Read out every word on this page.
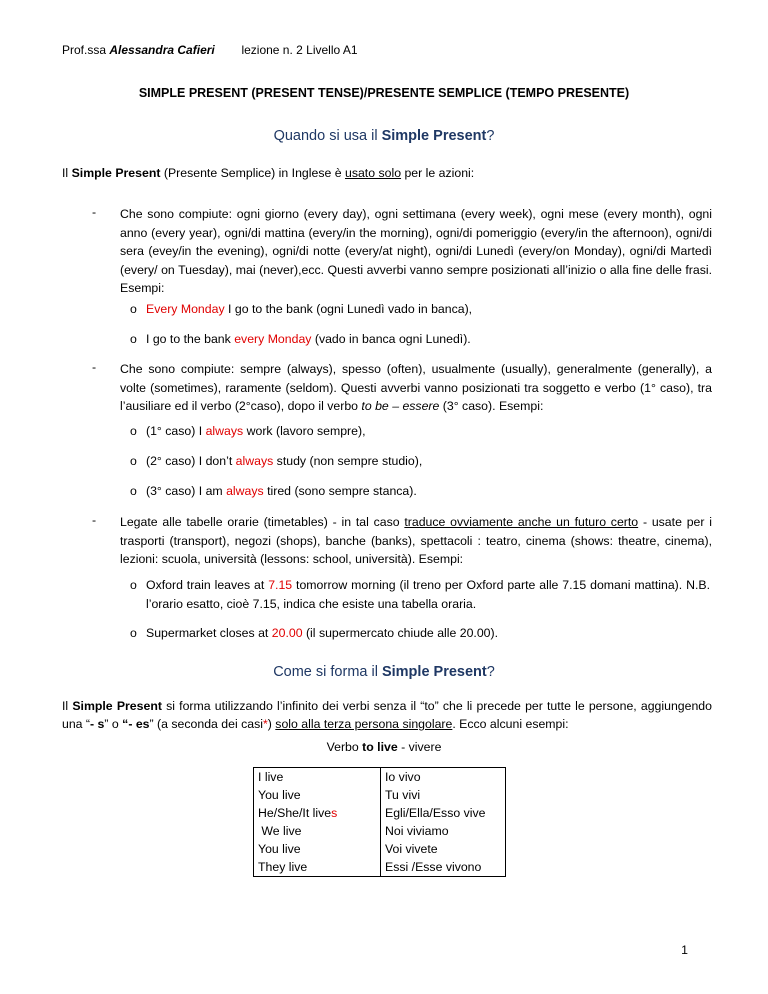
Prof.ssa Alessandra Cafieri lezione n. 2 Livello A1
SIMPLE PRESENT (PRESENT TENSE)/PRESENTE SEMPLICE (TEMPO PRESENTE)
Quando si usa il Simple Present?
Il Simple Present (Presente Semplice) in Inglese è usato solo per le azioni:
- Che sono compiute: ogni giorno (every day), ogni settimana (every week), ogni mese (every month), ogni anno (every year), ogni/di mattina (every/in the morning), ogni/di pomeriggio (every/in the afternoon), ogni/di sera (evey/in the evening), ogni/di notte (every/at night), ogni/di Lunedì (every/on Monday), ogni/di Martedì (every/ on Tuesday), mai (never),ecc. Questi avverbi vanno sempre posizionati all’inizio o alla fine delle frasi. Esempi:
o Every Monday I go to the bank (ogni Lunedì vado in banca),
o I go to the bank every Monday (vado in banca ogni Lunedì).
- Che sono compiute: sempre (always), spesso (often), usualmente (usually), generalmente (generally), a volte (sometimes), raramente (seldom). Questi avverbi vanno posizionati tra soggetto e verbo (1° caso), tra l’ausiliare ed il verbo (2°caso), dopo il verbo to be – essere (3° caso). Esempi:
o (1° caso) I always work (lavoro sempre),
o (2° caso) I don’t always study (non sempre studio),
o (3° caso) I am always tired (sono sempre stanca).
- Legate alle tabelle orarie (timetables) - in tal caso traduce ovviamente anche un futuro certo - usate per i trasporti (transport), negozi (shops), banche (banks), spettacoli : teatro, cinema (shows: theatre, cinema), lezioni: scuola, università (lessons: school, università). Esempi:
o Oxford train leaves at 7.15 tomorrow morning (il treno per Oxford parte alle 7.15 domani mattina). N.B. l’orario esatto, cioè 7.15, indica che esiste una tabella oraria.
o Supermarket closes at 20.00 (il supermercato chiude alle 20.00).
Come si forma il Simple Present?
Il Simple Present si forma utilizzando l’infinito dei verbi senza il “to” che li precede per tutte le persone, aggiungendo una “- s” o “- es” (a seconda dei casi*) solo alla terza persona singolare. Ecco alcuni esempi:
Verbo to live - vivere
I live	Io vivo
You live	Tu vivi
He/She/It lives	Egli/Ella/Esso vive
We live	Noi viviamo
You live	Voi vivete
They live	Essi /Esse vivono
1
